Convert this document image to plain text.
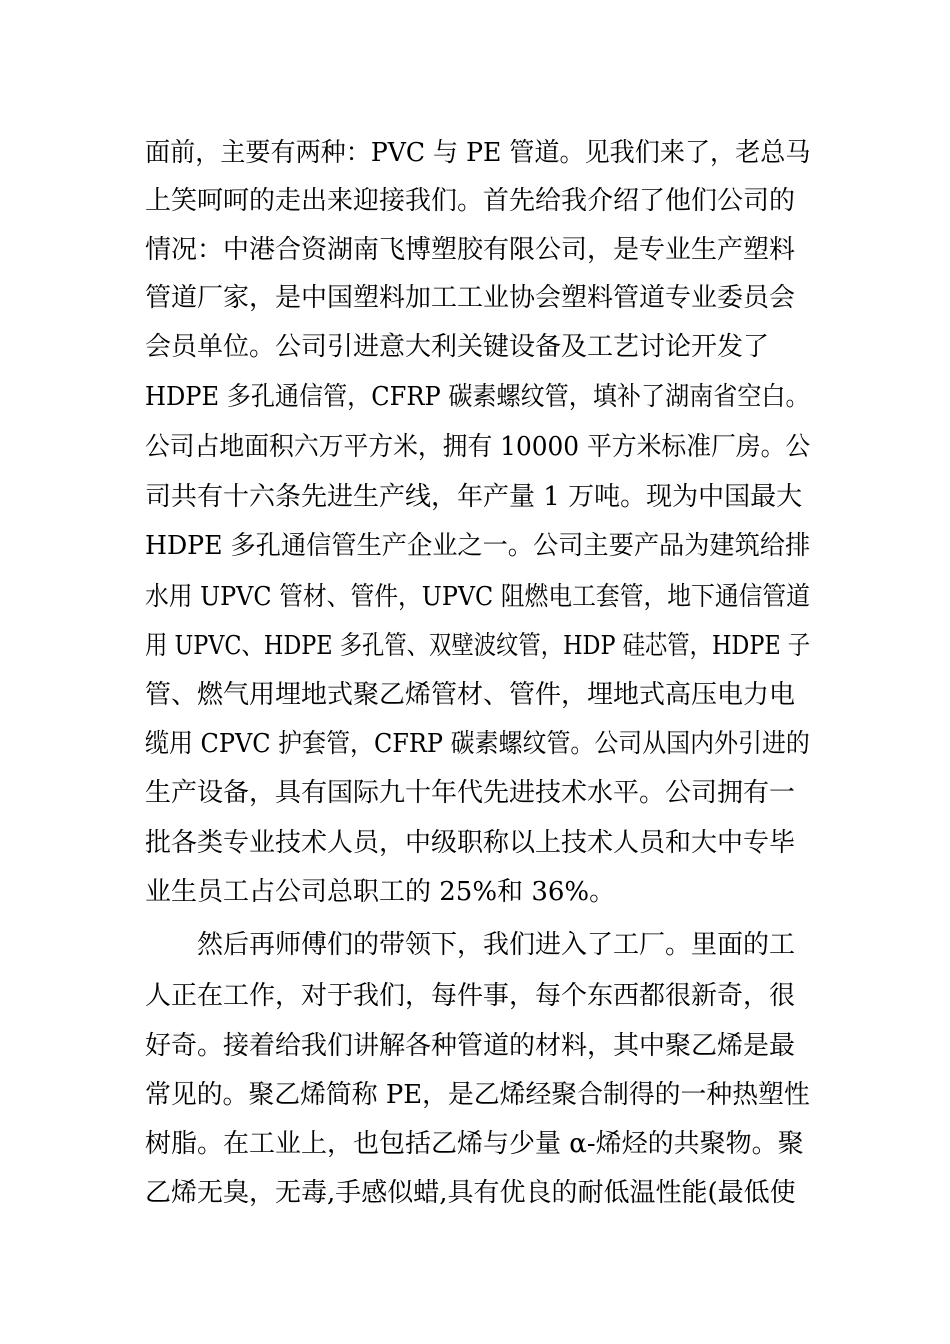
面前，主要有两种：PVC 与 PE 管道。见我们来了，老总马
上笑呵呵的走出来迎接我们。首先给我介绍了他们公司的
情况：中港合资湖南飞博塑胶有限公司，是专业生产塑料
管道厂家，是中国塑料加工工业协会塑料管道专业委员会
会员单位。公司引进意大利关键设备及工艺讨论开发了
HDPE 多孔通信管，CFRP 碳素螺纹管，填补了湖南省空白。
公司占地面积六万平方米，拥有 10000 平方米标准厂房。公
司共有十六条先进生产线，年产量 1 万吨。现为中国最大
HDPE 多孔通信管生产企业之一。公司主要产品为建筑给排
水用 UPVC 管材、管件，UPVC 阻燃电工套管，地下通信管道
用 UPVC、HDPE 多孔管、双壁波纹管，HDP 硅芯管，HDPE 子
管、燃气用埋地式聚乙烯管材、管件，埋地式高压电力电
缆用 CPVC 护套管，CFRP 碳素螺纹管。公司从国内外引进的
生产设备，具有国际九十年代先进技术水平。公司拥有一
批各类专业技术人员，中级职称以上技术人员和大中专毕
业生员工占公司总职工的 25%和 36%。
然后再师傅们的带领下，我们进入了工厂。里面的工
人正在工作，对于我们，每件事，每个东西都很新奇，很
好奇。接着给我们讲解各种管道的材料，其中聚乙烯是最
常见的。聚乙烯简称 PE，是乙烯经聚合制得的一种热塑性
树脂。在工业上，也包括乙烯与少量 α-烯烃的共聚物。聚
乙烯无臭，无毒,手感似蜡,具有优良的耐低温性能(最低使
